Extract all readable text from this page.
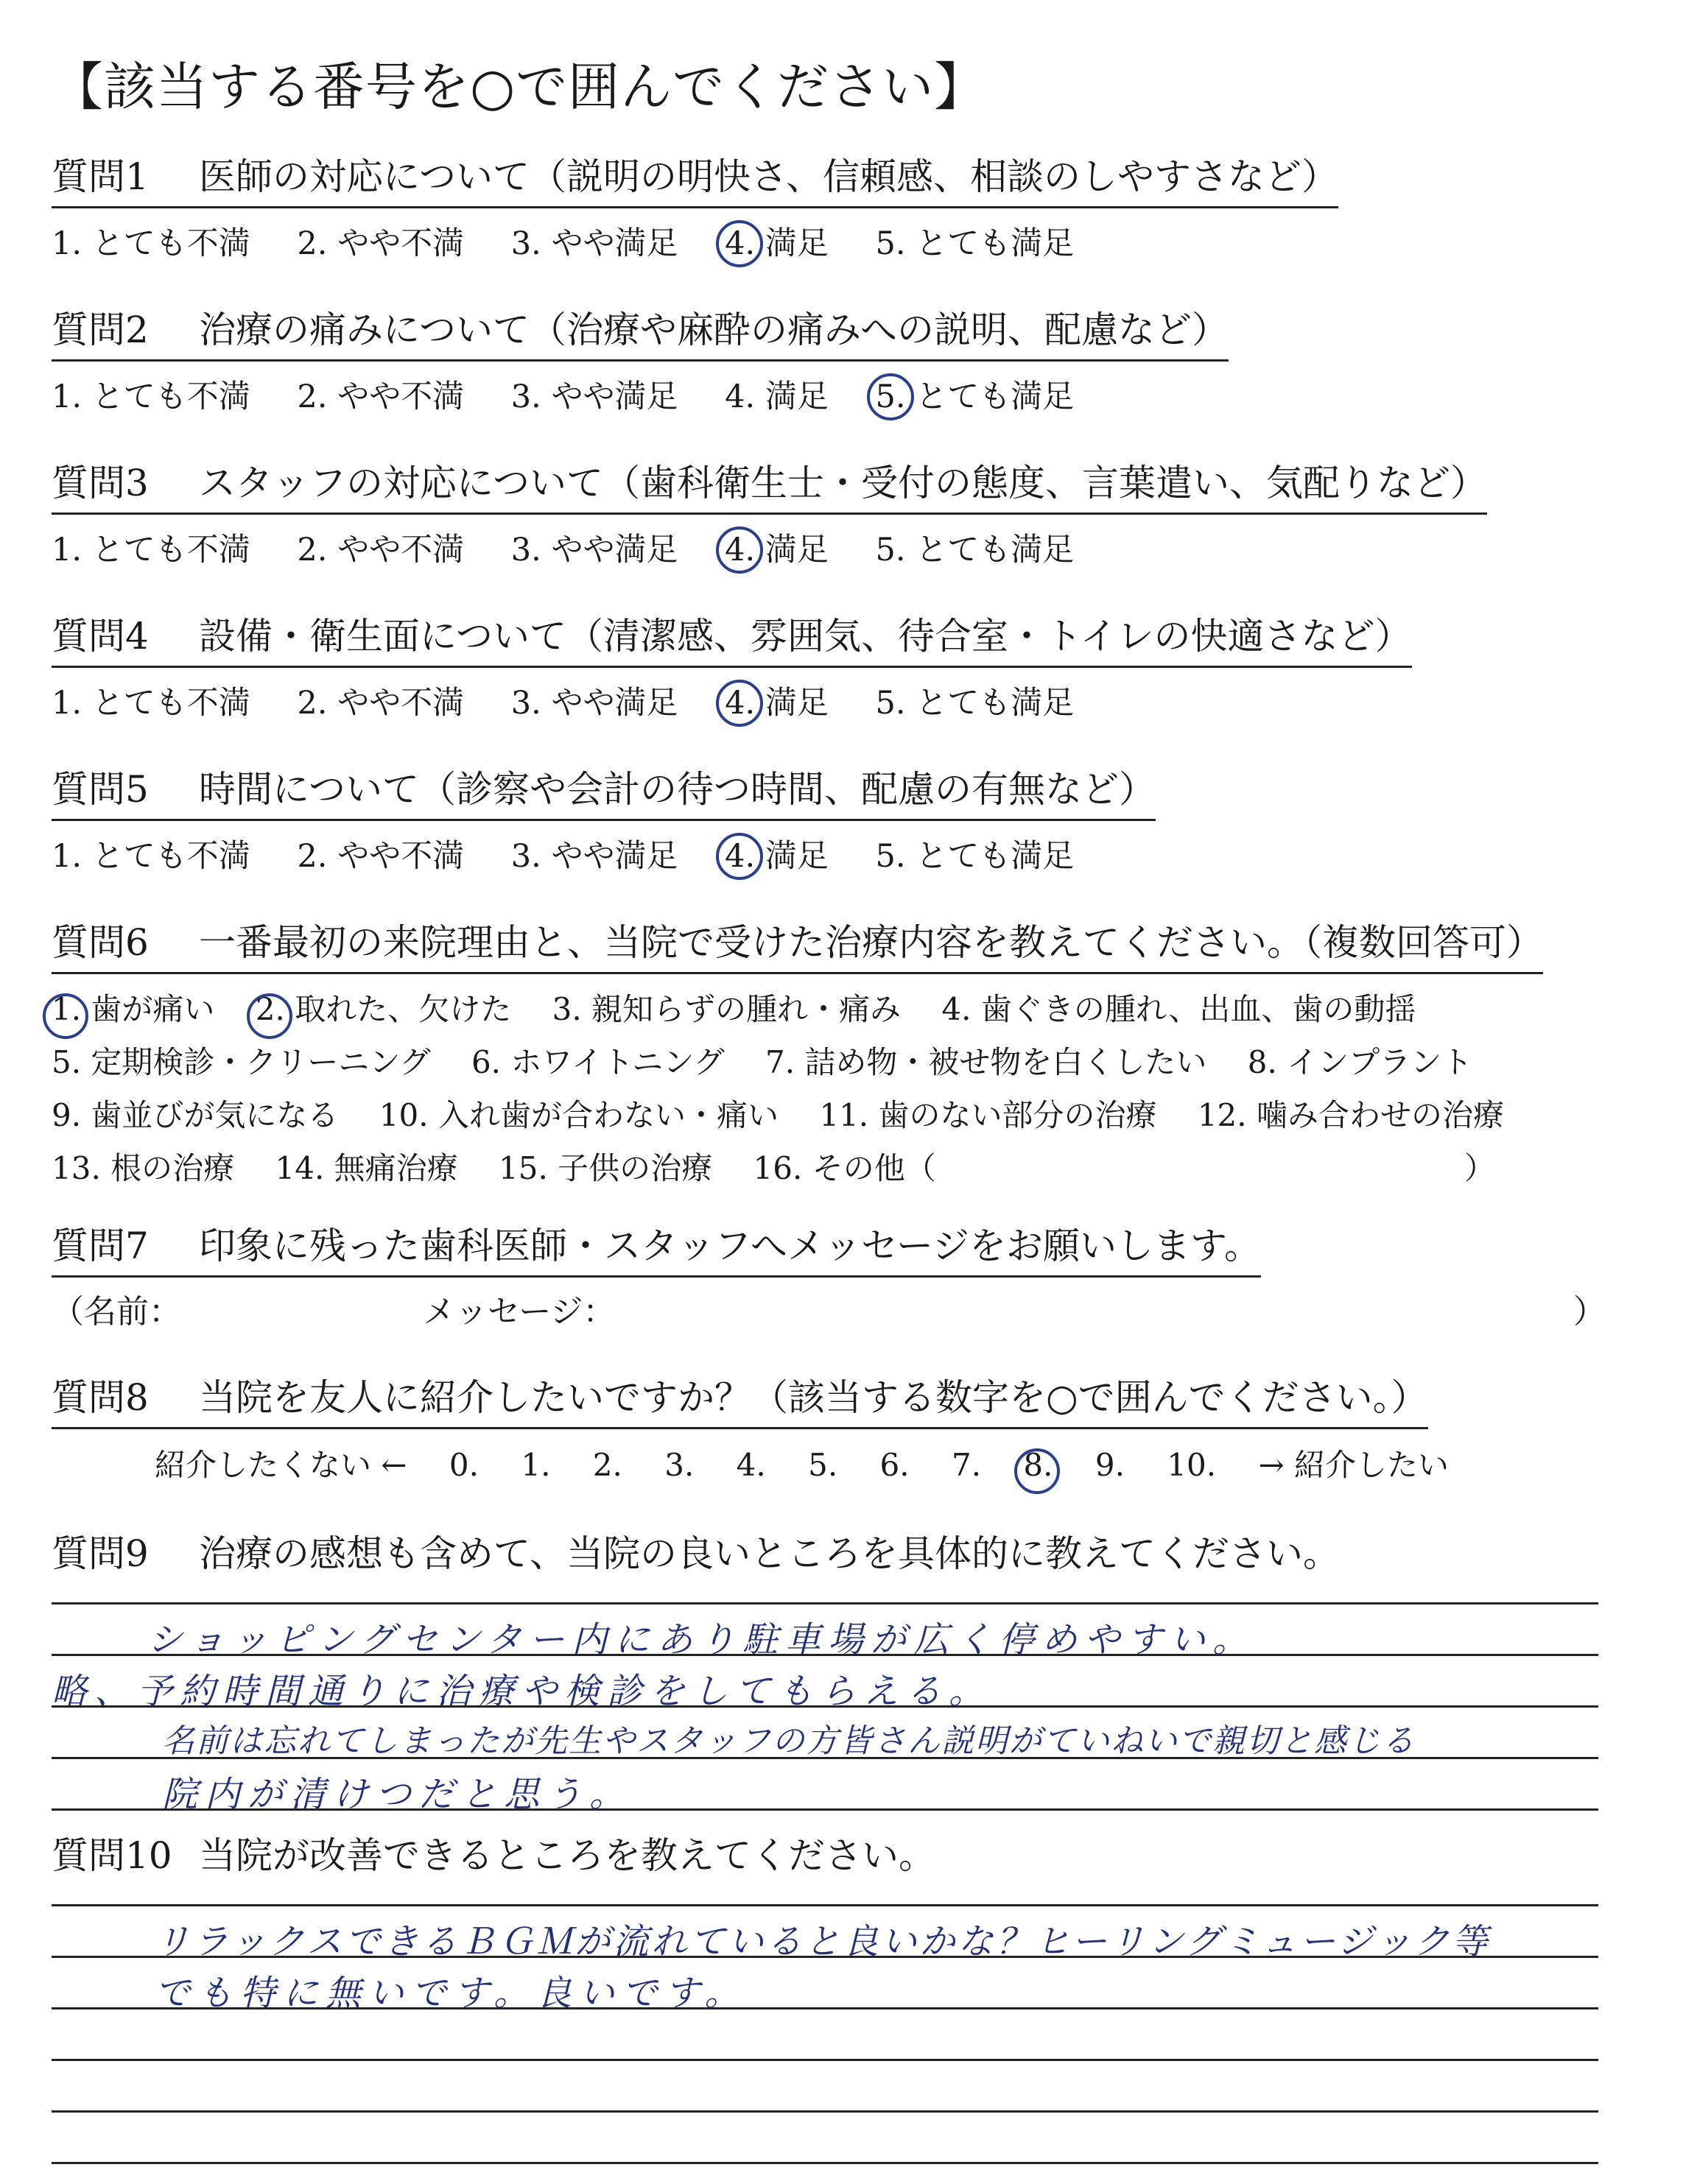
【該当する番号を○で囲んでください】
質問1 医師の対応について（説明の明快さ、信頼感、相談のしやすさなど）
1. とても不満 2. やや不満 3. やや満足 4. 満足 5. とても満足
質問2 治療の痛みについて（治療や麻酔の痛みへの説明、配慮など）
1. とても不満 2. やや不満 3. やや満足 4. 満足 5. とても満足
質問3 スタッフの対応について（歯科衛生士・受付の態度、言葉遣い、気配りなど）
1. とても不満 2. やや不満 3. やや満足 4. 満足 5. とても満足
質問4 設備・衛生面について（清潔感、雰囲気、待合室・トイレの快適さなど）
1. とても不満 2. やや不満 3. やや満足 4. 満足 5. とても満足
質問5 時間について（診察や会計の待つ時間、配慮の有無など）
1. とても不満 2. やや不満 3. やや満足 4. 満足 5. とても満足
質問6 一番最初の来院理由と、当院で受けた治療内容を教えてください。（複数回答可）
1. 歯が痛い 2. 取れた、欠けた 3. 親知らずの腫れ・痛み 4. 歯ぐきの腫れ、出血、歯の動揺
5. 定期検診・クリーニング 6. ホワイトニング 7. 詰め物・被せ物を白くしたい 8. インプラント
9. 歯並びが気になる 10. 入れ歯が合わない・痛い 11. 歯のない部分の治療 12. 噛み合わせの治療
13. 根の治療 14. 無痛治療 15. 子供の治療 16. その他（	）
質問7 印象に残った歯科医師・スタッフへメッセージをお願いします。
（名前：	メッセージ：	）
質問8 当院を友人に紹介したいですか？（該当する数字を○で囲んでください。）
紹介したくない ← 0. 1. 2. 3. 4. 5. 6. 7. 8. 9. 10. → 紹介したい
質問9 治療の感想も含めて、当院の良いところを具体的に教えてください。
ショッピングセンター内にあり駐車場が広く停めやすい。
略、予約時間通りに治療や検診をしてもらえる。
名前は忘れてしまったが先生やスタッフの方皆さん説明がていねいで親切と感じる
院内が清けつだと思う。
質問10 当院が改善できるところを教えてください。
リラックスできるＢＧＭが流れていると良いかな？ヒーリングミュージック等
でも特に無いです。良いです。
